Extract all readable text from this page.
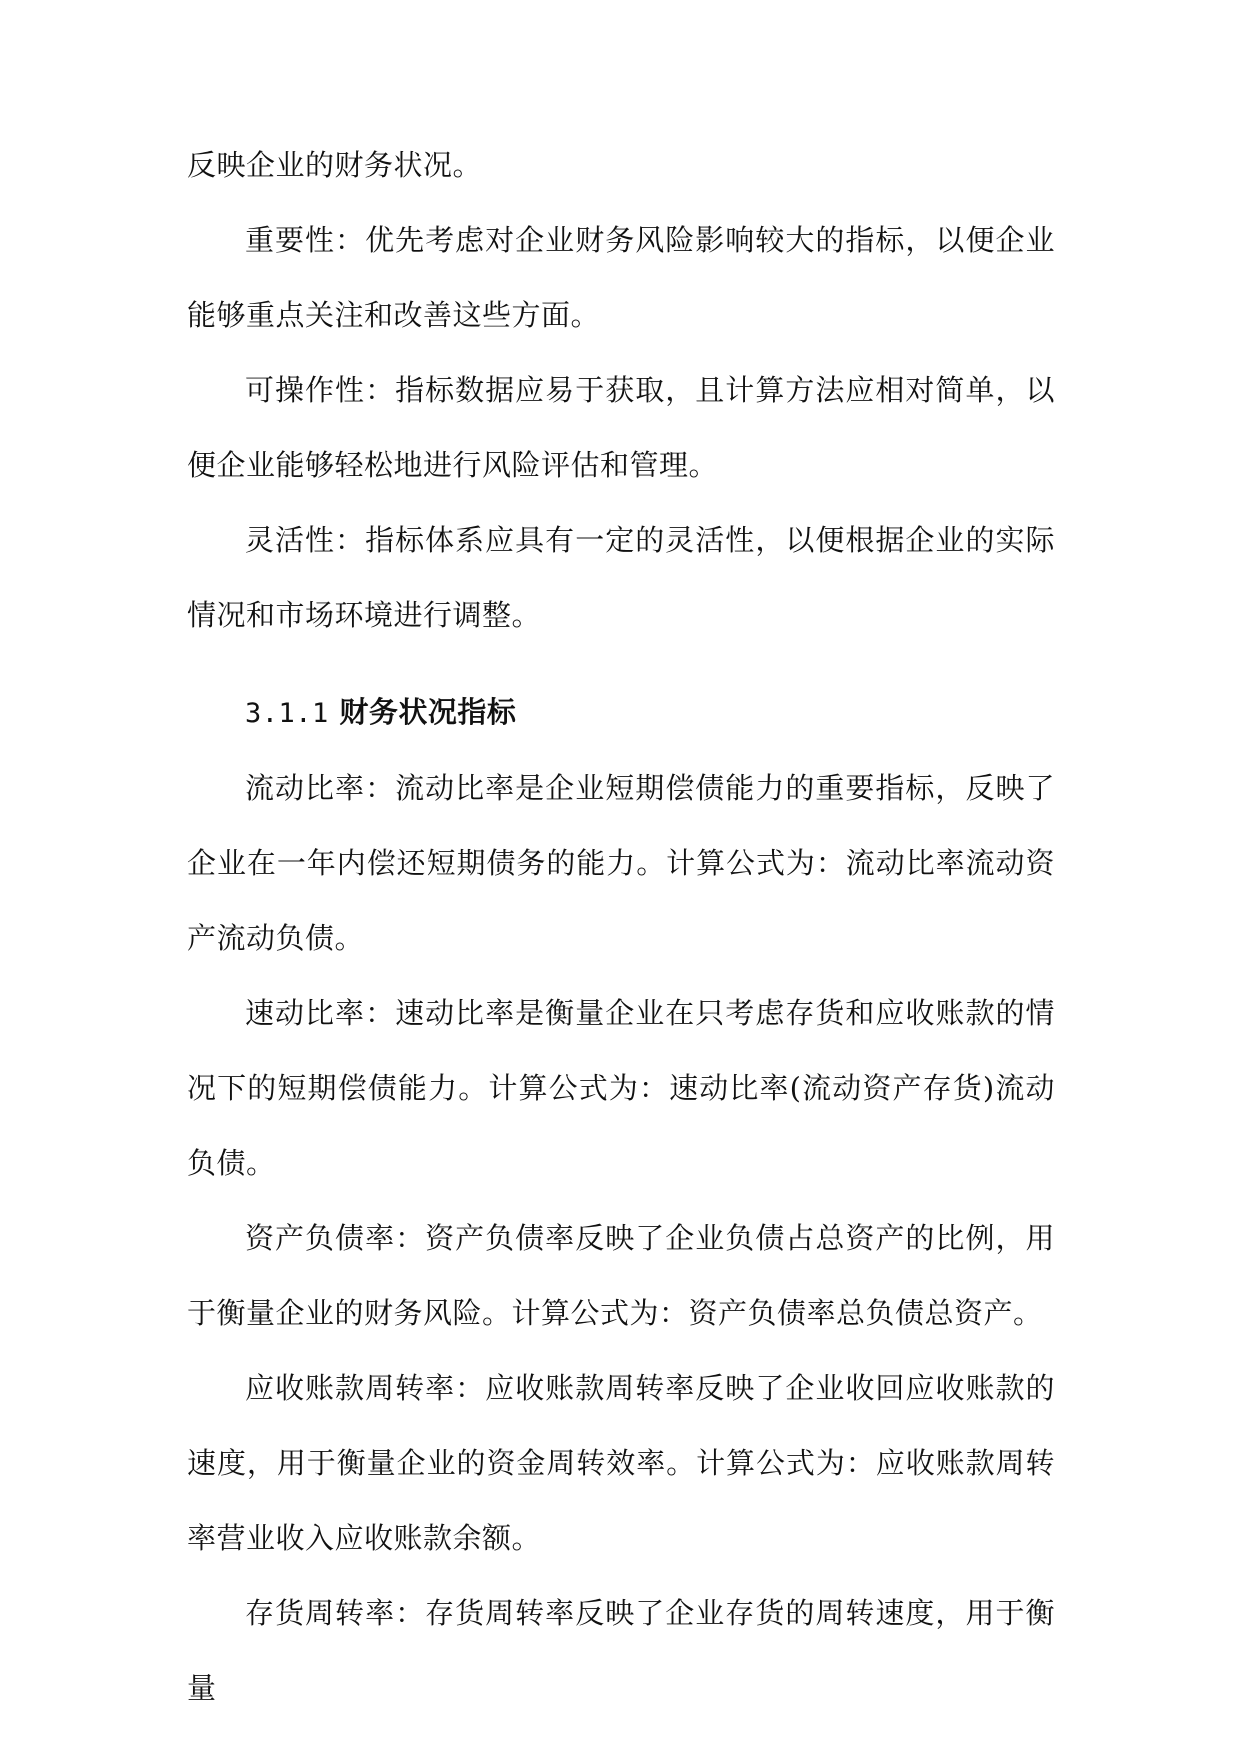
反映企业的财务状况。

重要性：优先考虑对企业财务风险影响较大的指标，以便企业能够重点关注和改善这些方面。

可操作性：指标数据应易于获取，且计算方法应相对简单，以便企业能够轻松地进行风险评估和管理。

灵活性：指标体系应具有一定的灵活性，以便根据企业的实际情况和市场环境进行调整。

3.1.1 财务状况指标

流动比率：流动比率是企业短期偿债能力的重要指标，反映了企业在一年内偿还短期债务的能力。计算公式为：流动比率流动资产流动负债。

速动比率：速动比率是衡量企业在只考虑存货和应收账款的情况下的短期偿债能力。计算公式为：速动比率(流动资产存货)流动负债。

资产负债率：资产负债率反映了企业负债占总资产的比例，用于衡量企业的财务风险。计算公式为：资产负债率总负债总资产。

应收账款周转率：应收账款周转率反映了企业收回应收账款的速度，用于衡量企业的资金周转效率。计算公式为：应收账款周转率营业收入应收账款余额。

存货周转率：存货周转率反映了企业存货的周转速度，用于衡量
